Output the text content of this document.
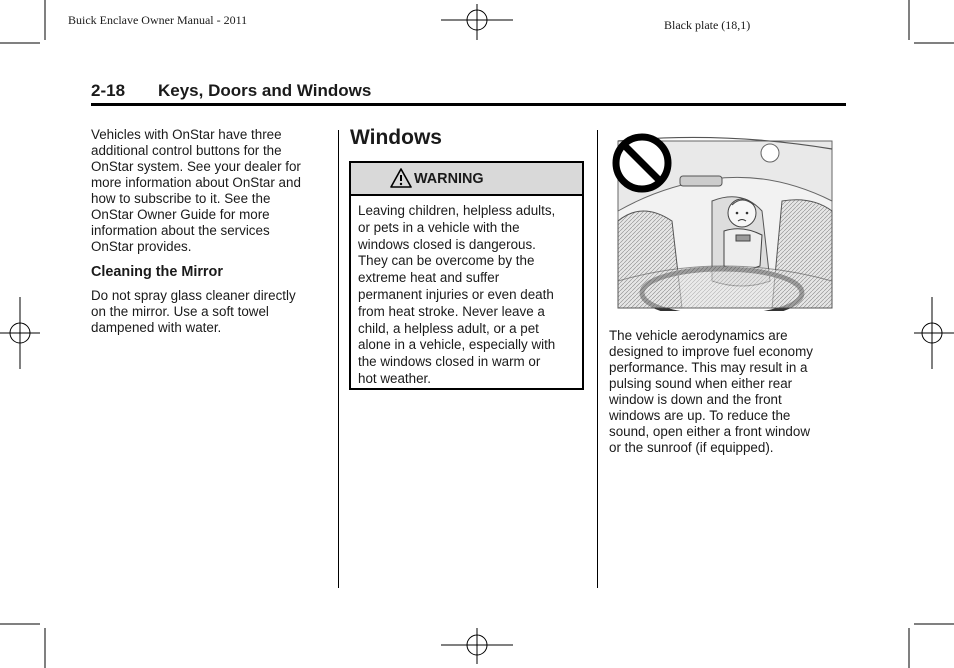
Buick Enclave Owner Manual - 2011	Black plate (18,1)
2-18 Keys, Doors and Windows
Vehicles with OnStar have three
additional control buttons for the
OnStar system. See your dealer for
more information about OnStar and
how to subscribe to it. See the
OnStar Owner Guide for more
information about the services
OnStar provides.
Cleaning the Mirror
Do not spray glass cleaner directly
on the mirror. Use a soft towel
dampened with water.
Windows
WARNING
Leaving children, helpless adults,
or pets in a vehicle with the
windows closed is dangerous.
They can be overcome by the
extreme heat and suffer
permanent injuries or even death
from heat stroke. Never leave a
child, a helpless adult, or a pet
alone in a vehicle, especially with
the windows closed in warm or
hot weather.
The vehicle aerodynamics are
designed to improve fuel economy
performance. This may result in a
pulsing sound when either rear
window is down and the front
windows are up. To reduce the
sound, open either a front window
or the sunroof (if equipped).
